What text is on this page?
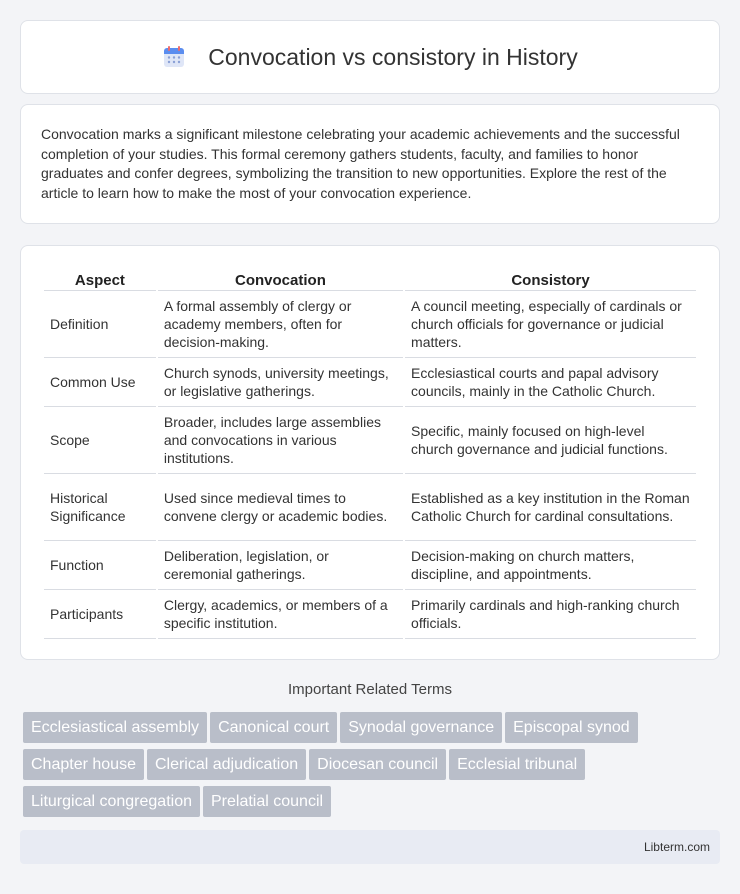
Convocation vs consistory in History

Convocation marks a significant milestone celebrating your academic achievements and the successful completion of your studies. This formal ceremony gathers students, faculty, and families to honor graduates and confer degrees, symbolizing the transition to new opportunities. Explore the rest of the article to learn how to make the most of your convocation experience.

Aspect	Convocation	Consistory
Definition	A formal assembly of clergy or academy members, often for decision-making.	A council meeting, especially of cardinals or church officials for governance or judicial matters.
Common Use	Church synods, university meetings, or legislative gatherings.	Ecclesiastical courts and papal advisory councils, mainly in the Catholic Church.
Scope	Broader, includes large assemblies and convocations in various institutions.	Specific, mainly focused on high-level church governance and judicial functions.
Historical Significance	Used since medieval times to convene clergy or academic bodies.	Established as a key institution in the Roman Catholic Church for cardinal consultations.
Function	Deliberation, legislation, or ceremonial gatherings.	Decision-making on church matters, discipline, and appointments.
Participants	Clergy, academics, or members of a specific institution.	Primarily cardinals and high-ranking church officials.
Important Related Terms
Ecclesiastical assembly Canonical court Synodal governance Episcopal synod
Chapter house Clerical adjudication Diocesan council Ecclesial tribunal
Liturgical congregation Prelatial council
Libterm.com
